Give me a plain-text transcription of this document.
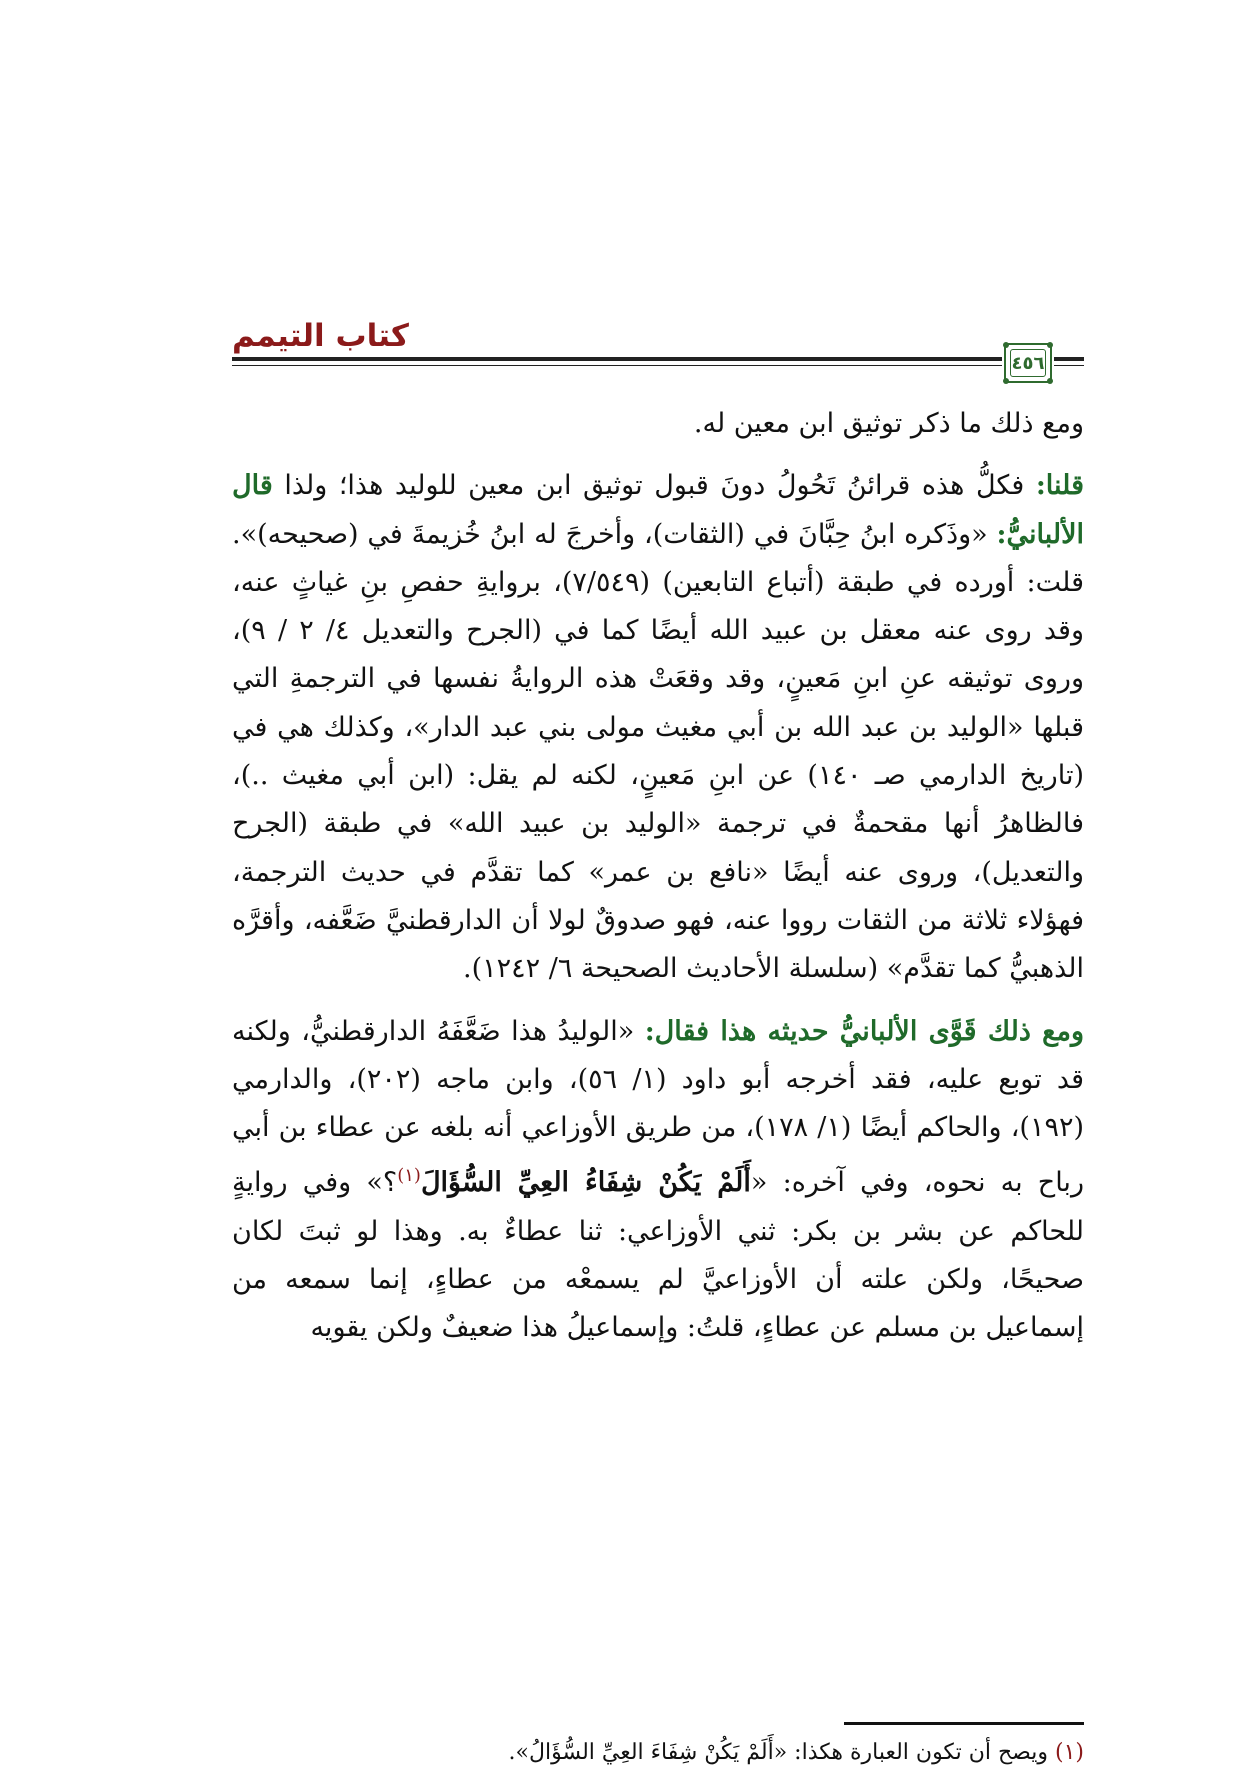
كتاب التيمم
٤٥٦

ومع ذلك ما ذكر توثيق ابن معين له.

قلنا: فكلُّ هذه قرائنُ تَحُولُ دونَ قبول توثيق ابن معين للوليد هذا؛ ولذا قال الألبانيُّ: «وذَكره ابنُ حِبَّانَ في (الثقات)، وأخرجَ له ابنُ خُزيمةَ في (صحيحه)». قلت: أورده في طبقة (أتباع التابعين) (٧/٥٤٩)، بروايةِ حفصِ بنِ غياثٍ عنه، وقد روى عنه معقل بن عبيد الله أيضًا كما في (الجرح والتعديل ٤/ ٢ / ٩)، وروى توثيقه عنِ ابنِ مَعينٍ، وقد وقعَتْ هذه الروايةُ نفسها في الترجمةِ التي قبلها «الوليد بن عبد الله بن أبي مغيث مولى بني عبد الدار»، وكذلك هي في (تاريخ الدارمي صـ ١٤٠) عن ابنِ مَعينٍ، لكنه لم يقل: (ابن أبي مغيث ..)، فالظاهرُ أنها مقحمةٌ في ترجمة «الوليد بن عبيد الله» في طبقة (الجرح والتعديل)، وروى عنه أيضًا «نافع بن عمر» كما تقدَّم في حديث الترجمة، فهؤلاء ثلاثة من الثقات رووا عنه، فهو صدوقٌ لولا أن الدارقطنيَّ ضَعَّفه، وأقرَّه الذهبيُّ كما تقدَّم» (سلسلة الأحاديث الصحيحة ٦/ ١٢٤٢).

ومع ذلك قَوَّى الألبانيُّ حديثه هذا فقال: «الوليدُ هذا ضَعَّفَهُ الدارقطنيُّ، ولكنه قد توبع عليه، فقد أخرجه أبو داود (١/ ٥٦)، وابن ماجه (٢٠٢)، والدارمي (١٩٢)، والحاكم أيضًا (١/ ١٧٨)، من طريق الأوزاعي أنه بلغه عن عطاء بن أبي رباح به نحوه، وفي آخره: «أَلَمْ يَكُنْ شِفَاءُ العِيِّ السُّؤَالَ$^{(١)}$؟» وفي روايةٍ للحاكم عن بشر بن بكر: ثني الأوزاعي: ثنا عطاءٌ به. وهذا لو ثبتَ لكان صحيحًا، ولكن علته أن الأوزاعيَّ لم يسمعْه من عطاءٍ، إنما سمعه من إسماعيل بن مسلم عن عطاءٍ، قلتُ: وإسماعيلُ هذا ضعيفٌ ولكن يقويه

(١) ويصح أن تكون العبارة هكذا: «أَلَمْ يَكُنْ شِفَاءَ العِيِّ السُّؤَالُ».
